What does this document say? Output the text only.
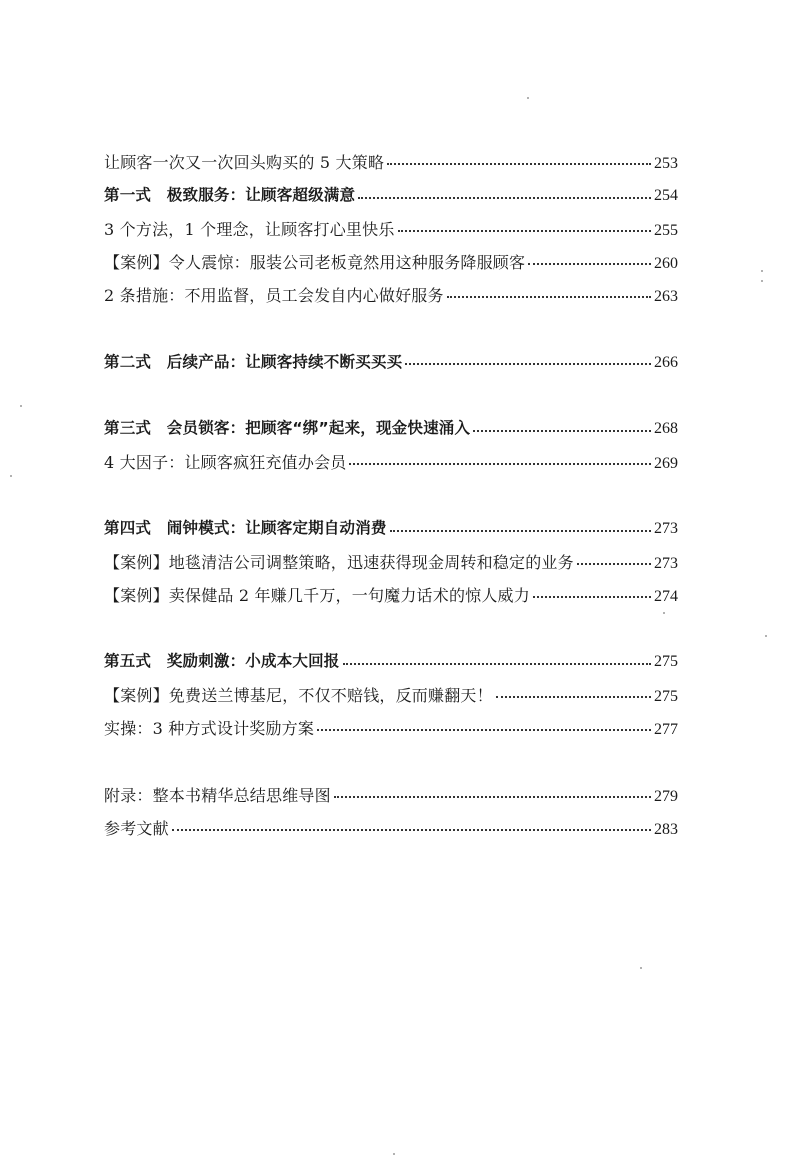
让顾客一次又一次回头购买的 5 大策略	253
第一式　极致服务：让顾客超级满意	254
3 个方法，1 个理念，让顾客打心里快乐	255
【案例】令人震惊：服装公司老板竟然用这种服务降服顾客	260
2 条措施：不用监督，员工会发自内心做好服务	263
第二式　后续产品：让顾客持续不断买买买	266
第三式　会员锁客：把顾客“绑”起来，现金快速涌入	268
4 大因子：让顾客疯狂充值办会员	269
第四式　闹钟模式：让顾客定期自动消费	273
【案例】地毯清洁公司调整策略，迅速获得现金周转和稳定的业务	273
【案例】卖保健品 2 年赚几千万，一句魔力话术的惊人威力	274
第五式　奖励刺激：小成本大回报	275
【案例】免费送兰博基尼，不仅不赔钱，反而赚翻天！	275
实操：3 种方式设计奖励方案	277
附录：整本书精华总结思维导图	279
参考文献	283
